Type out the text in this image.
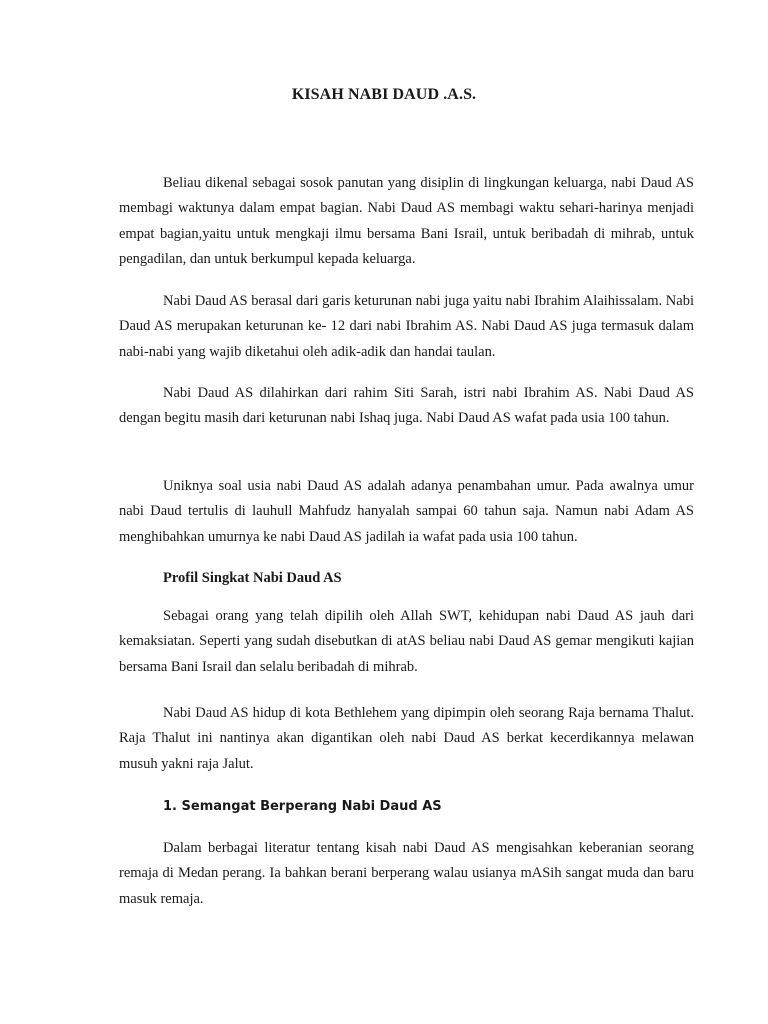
KISAH NABI DAUD .A.S.

Beliau dikenal sebagai sosok panutan yang disiplin di lingkungan keluarga, nabi Daud AS membagi waktunya dalam empat bagian. Nabi Daud AS membagi waktu sehari-harinya menjadi empat bagian,yaitu untuk mengkaji ilmu bersama Bani Israil, untuk beribadah di mihrab, untuk pengadilan, dan untuk berkumpul kepada keluarga.

Nabi Daud AS berasal dari garis keturunan nabi juga yaitu nabi Ibrahim Alaihissalam. Nabi Daud AS merupakan keturunan ke- 12 dari nabi Ibrahim AS. Nabi Daud AS juga termasuk dalam nabi-nabi yang wajib diketahui oleh adik-adik dan handai taulan.

Nabi Daud AS dilahirkan dari rahim Siti Sarah, istri nabi Ibrahim AS. Nabi Daud AS dengan begitu masih dari keturunan nabi Ishaq juga. Nabi Daud AS wafat pada usia 100 tahun.

Uniknya soal usia nabi Daud AS adalah adanya penambahan umur. Pada awalnya umur nabi Daud tertulis di lauhull Mahfudz hanyalah sampai 60 tahun saja. Namun nabi Adam AS menghibahkan umurnya ke nabi Daud AS jadilah ia wafat pada usia 100 tahun.

Profil Singkat Nabi Daud AS

Sebagai orang yang telah dipilih oleh Allah SWT, kehidupan nabi Daud AS jauh dari kemaksiatan. Seperti yang sudah disebutkan di atAS beliau nabi Daud AS gemar mengikuti kajian bersama Bani Israil dan selalu beribadah di mihrab.

Nabi Daud AS hidup di kota Bethlehem yang dipimpin oleh seorang Raja bernama Thalut. Raja Thalut ini nantinya akan digantikan oleh nabi Daud AS berkat kecerdikannya melawan musuh yakni raja Jalut.

1. Semangat Berperang Nabi Daud AS

Dalam berbagai literatur tentang kisah nabi Daud AS mengisahkan keberanian seorang remaja di Medan perang. Ia bahkan berani berperang walau usianya mASih sangat muda dan baru masuk remaja.
